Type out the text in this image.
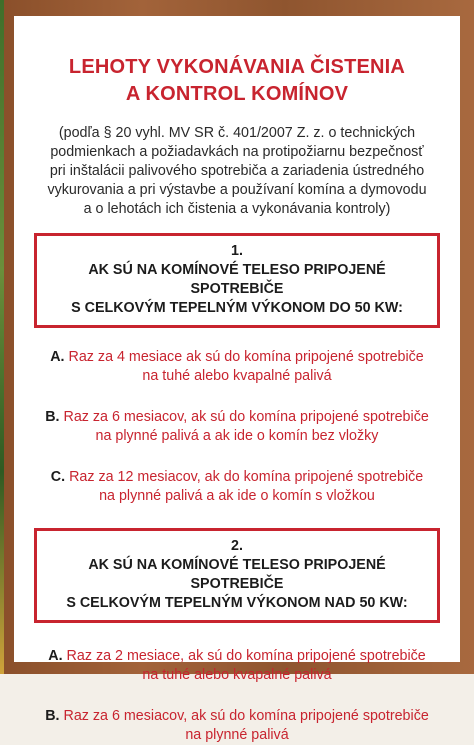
LEHOTY VYKONÁVANIA ČISTENIA
A KONTROL KOMÍNOV
(podľa § 20 vyhl. MV SR č. 401/2007 Z. z. o technických podmienkach a požiadavkách na protipožiarnu bezpečnosť pri inštalácii palivového spotrebiča a zariadenia ústredného vykurovania a pri výstavbe a používaní komína a dymovodu a o lehotách ich čistenia a vykonávania kontroly)
1.
AK SÚ NA KOMÍNOVÉ TELESO PRIPOJENÉ SPOTREBIČE
S CELKOVÝM TEPELNÝM VÝKONOM DO 50 KW:
A. Raz za 4 mesiace ak sú do komína pripojené spotrebiče na tuhé alebo kvapalné palivá
B. Raz za 6 mesiacov, ak sú do komína pripojené spotrebiče na plynné palivá a ak ide o komín bez vložky
C. Raz za 12 mesiacov, ak do komína pripojené spotrebiče na plynné palivá a ak ide o komín s vložkou
2.
AK SÚ NA KOMÍNOVÉ TELESO PRIPOJENÉ SPOTREBIČE
S CELKOVÝM TEPELNÝM VÝKONOM NAD 50 KW:
A. Raz za 2 mesiace, ak sú do komína pripojené spotrebiče na tuhé alebo kvapalné palivá
B. Raz za 6 mesiacov, ak sú do komína pripojené spotrebiče na plynné palivá
